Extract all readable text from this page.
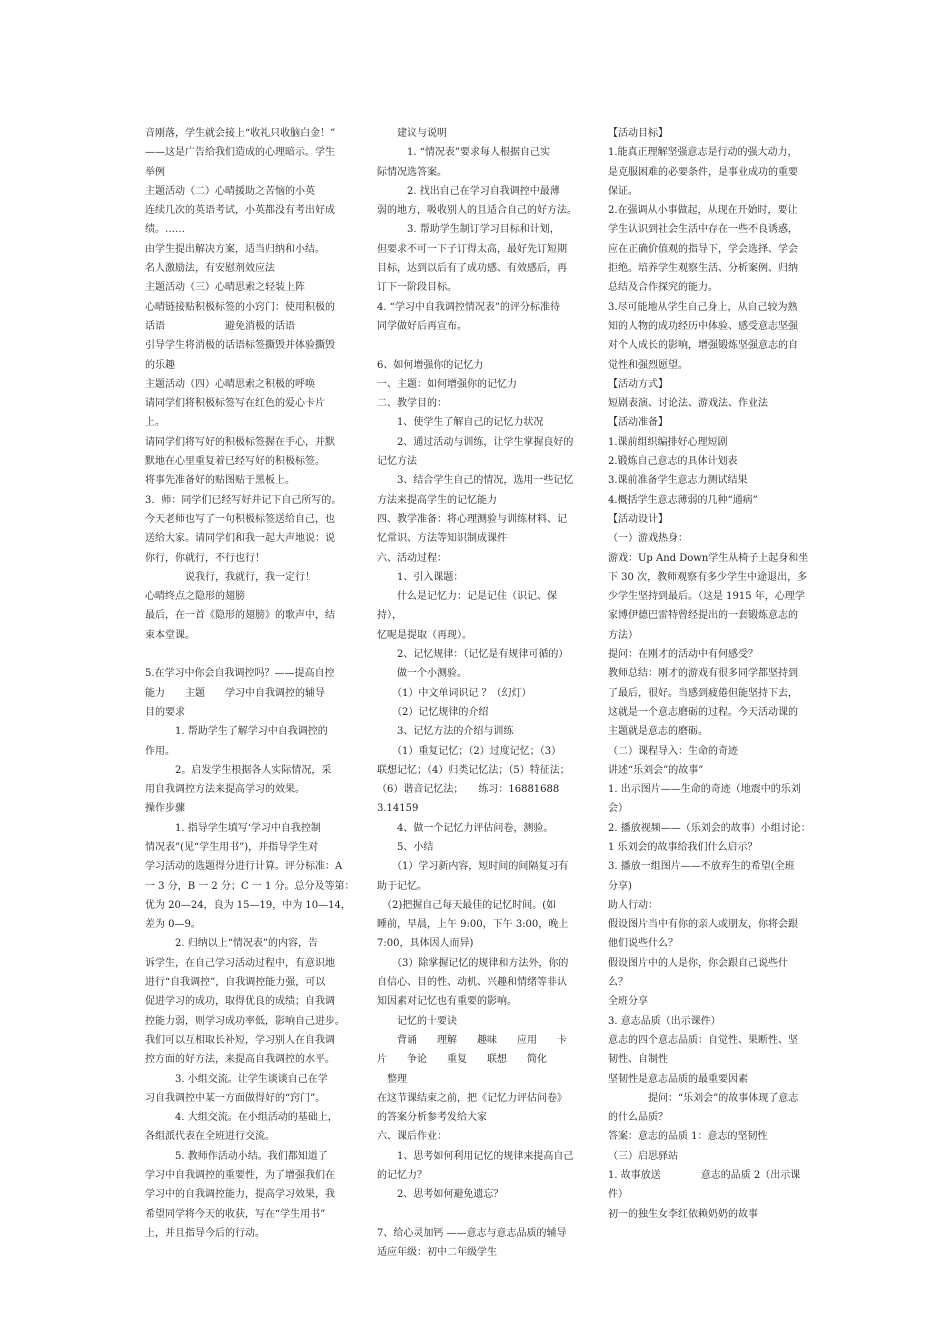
音刚落，学生就会接上“收礼只收脑白金！”
——这是广告给我们造成的心理暗示。学生
举例
主题活动（二）心晴援助之苦恼的小英
连续几次的英语考试，小英都没有考出好成
绩。……
由学生提出解决方案，适当归纳和小结。
名人激励法，有安慰剂效应法
主题活动（三）心晴思索之轻装上阵
心晴链接贴积极标签的小窍门：使用积极的
话语　　　　　　避免消极的话语
引导学生将消极的话语标签撕毁并体验撕毁
的乐趣
主题活动（四）心晴思索之积极的呼唤
请同学们将积极标签写在红色的爱心卡片
上。
请同学们将写好的积极标签握在手心，并默
默地在心里重复着已经写好的积极标签。
将事先准备好的贴图贴于黑板上。
3．师：同学们已经写好并记下自己所写的。
今天老师也写了一句积极标签送给自己，也
送给大家。请同学们和我一起大声地说：说
你行，你就行，不行也行！
　　　　说我行，我就行，我一定行！
心晴终点之隐形的翅膀
最后，在一首《隐形的翅膀》的歌声中，结
束本堂课。
5.在学习中你会自我调控吗？——提高自控
能力　　主题　　学习中自我调控的辅导
目的要求
　　　1. 帮助学生了解学习中自我调控的
作用。
　　　2。启发学生根据各人实际情况，采
用自我调控方法来提高学习的效果。
操作步骤
　　　1. 指导学生填写‘学习中自我控制
情况表”(见“学生用书”)，并指导学生对
学习活动的选题得分进行计算。评分标准：A
一 3 分，B 一 2 分；C 一 1 分。总分及等第：
优为 20—24，良为 15—19，中为 10—14，
差为 0—9。
　　　2. 归纳以上“情况表”的内容，告
诉学生，在自己学习活动过程中，有意识地
进行“自我调控”，自我调控能力强，可以
促进学习的成功，取得优良的成绩；自我调
控能力弱，则学习成功率低，影响自己进步。
我们可以互相取长补短，学习别人在自我调
控方面的好方法，来提高自我调控的水平。
　　　3. 小组交流。让学生谈谈自己在学
习自我调控中某一方面做得好的“窍门”。
　　　4. 大组交流。在小组活动的基础上，
各组派代表在全班进行交流。
　　　5. 教师作活动小结。我们都知道了
学习中自我调控的重要性，为了增强我们在
学习中的自我调控能力，提高学习效果，我
希望同学将今天的收获，写在“学生用书”
上，并且指导今后的行动。
　　建议与说明
　　　1. “情况表”要求每人根据自己实
际情况选答案。
　　　2. 找出自己在学习自我调控中最薄
弱的地方，吸收别人的且适合自己的好方法。
　　　3. 帮助学生制订学习目标和计划，
但要求不可一下子订得太高，最好先订短期
目标，达到以后有了成功感、有效感后，再
订下一阶段目标。
4. “学习中自我调控情况表”的评分标准待
同学做好后再宣布。
6、如何增强你的记忆力
一、主题：如何增强你的记忆力
二、教学目的：
　　1、使学生了解自己的记忆力状况
　　2、通过活动与训练，让学生掌握良好的
记忆方法
　　3、结合学生自己的情况，选用一些记忆
方法来提高学生的记忆能力
四、教学准备：将心理测验与训练材料、记
忆常识、方法等知识制成课件
六、活动过程：
　　1、引入课题：
　　什么是记忆力：记是记住（识记、保持），
忆呢是提取（再现）。
　　2、记忆规律：（记忆是有规律可循的）
　　做一个小测验。
　　（1）中文单词识记 ？（幻灯）
　　（2）记忆规律的介绍
　　3、记忆方法的介绍与训练
　　（1）重复记忆；（2）过度记忆；（3）
联想记忆；（4）归类记忆法；（5）特征法；
（6）谐音记忆法；　　练习：16881688
3.14159
　　4、做一个记忆力评估问卷，测验。
　　5、小结
　　（1）学习新内容，短时间的间隔复习有
助于记忆。
　（2)把握自己每天最佳的记忆时间。(如
睡前，早晨，上午 9:00，下午 3:00，晚上
7:00，具体因人而异)
　　（3）除掌握记忆的规律和方法外，你的
自信心、目的性、动机、兴趣和情绪等非认
知因素对记忆也有重要的影响。
　　记忆的十要诀
　　背诵　　理解　　趣味　　应用　　卡
片　　争论　　重复　　联想　　简化
　整理
在这节课结束之前，把《记忆力评估问卷》
的答案分析参考发给大家
六、课后作业：
　　1、思考如何利用记忆的规律来提高自己
的记忆力？
　　2、思考如何避免遗忘？
7、给心灵加钙 ——意志与意志品质的辅导
适应年级：初中二年级学生
【活动目标】
1.能真正理解坚强意志是行动的强大动力，
是克服困难的必要条件，是事业成功的重要
保证。
2.在强调从小事做起，从现在开始时，要让
学生认识到社会生活中存在一些不良诱惑，
应在正确价值观的指导下，学会选择、学会
拒绝。培养学生观察生活、分析案例、归纳
总结及合作探究的能力。
3.尽可能地从学生自己身上，从自己较为熟
知的人物的成功经历中体验、感受意志坚强
对个人成长的影响，增强锻炼坚强意志的自
觉性和强烈愿望。
【活动方式】
短剧表演、讨论法、游戏法、作业法
【活动准备】
1.课前组织编排好心理短剧
2.锻炼自己意志的具体计划表
3.课前准备学生意志力测试结果
4.概括学生意志薄弱的几种“通病”
【活动设计】
（一）游戏热身：
游戏：Up And Down学生从椅子上起身和坐
下 30 次，教师观察有多少学生中途退出，多
少学生坚持到最后。（这是 1915 年，心理学
家博伊德巴雷特曾经提出的一套锻炼意志的
方法）
提问：在刚才的活动中有何感受？
教师总结：刚才的游戏有很多同学都坚持到
了最后，很好。当感到疲倦但能坚持下去，
这就是一个意志磨砺的过程。今天活动课的
主题就是意志的磨砺。
（二）课程导入：生命的奇迹
讲述“乐刘会”的故事”
1. 出示图片——生命的奇迹（地震中的乐刘
会）
2. 播放视频——（乐刘会的故事）小组讨论：
1 乐刘会的故事给我们什么启示？
3. 播放一组图片——不放弃生的希望(全班
分享)
助人行动：
假设图片当中有你的亲人或朋友，你将会跟
他们说些什么？
假设图片中的人是你，你会跟自己说些什
么？
全班分享
3. 意志品质（出示课件）
意志的四个意志品质：自觉性、果断性、坚
韧性、自制性
坚韧性是意志品质的最重要因素
　　　　提问：“乐刘会”的故事体现了意志
的什么品质？
答案：意志的品质 1：意志的坚韧性
（三）启思驿站
1. 故事放送　　　　意志的品质 2（出示课
件）
初一的独生女李红依赖奶奶的故事
